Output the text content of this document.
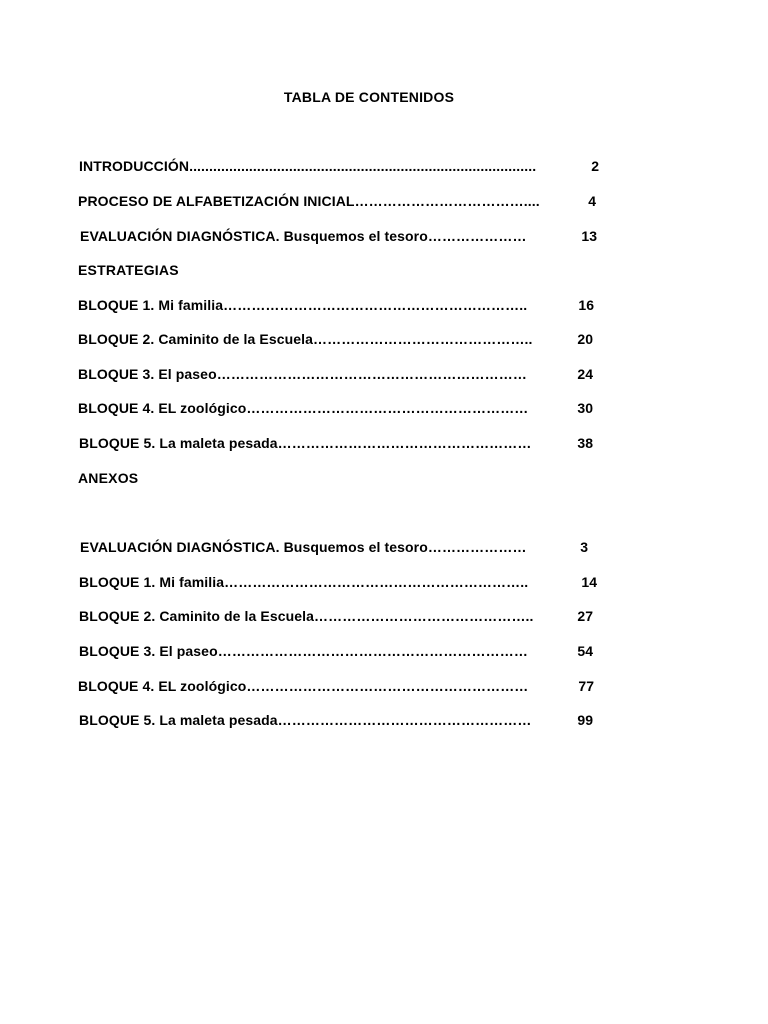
TABLA DE CONTENIDOS
INTRODUCCIÓN.......................................................................................	2
PROCESO DE ALFABETIZACIÓN INICIAL………………………………....	4
EVALUACIÓN DIAGNÓSTICA. Busquemos el tesoro…………………	13
ESTRATEGIAS
BLOQUE 1. Mi familia………………………………………………………..	16
BLOQUE 2. Caminito de la Escuela………………………………………..	20
BLOQUE 3. El paseo…………………………………………………………	24
BLOQUE 4. EL zoológico……………………………………………………	30
BLOQUE 5. La maleta pesada………………………………………………	38
ANEXOS
EVALUACIÓN DIAGNÓSTICA. Busquemos el tesoro…………………	3
BLOQUE 1. Mi familia………………………………………………………..	14
BLOQUE 2. Caminito de la Escuela………………………………………..	27
BLOQUE 3. El paseo…………………………………………………………	54
BLOQUE 4. EL zoológico……………………………………………………	77
BLOQUE 5. La maleta pesada………………………………………………	99
